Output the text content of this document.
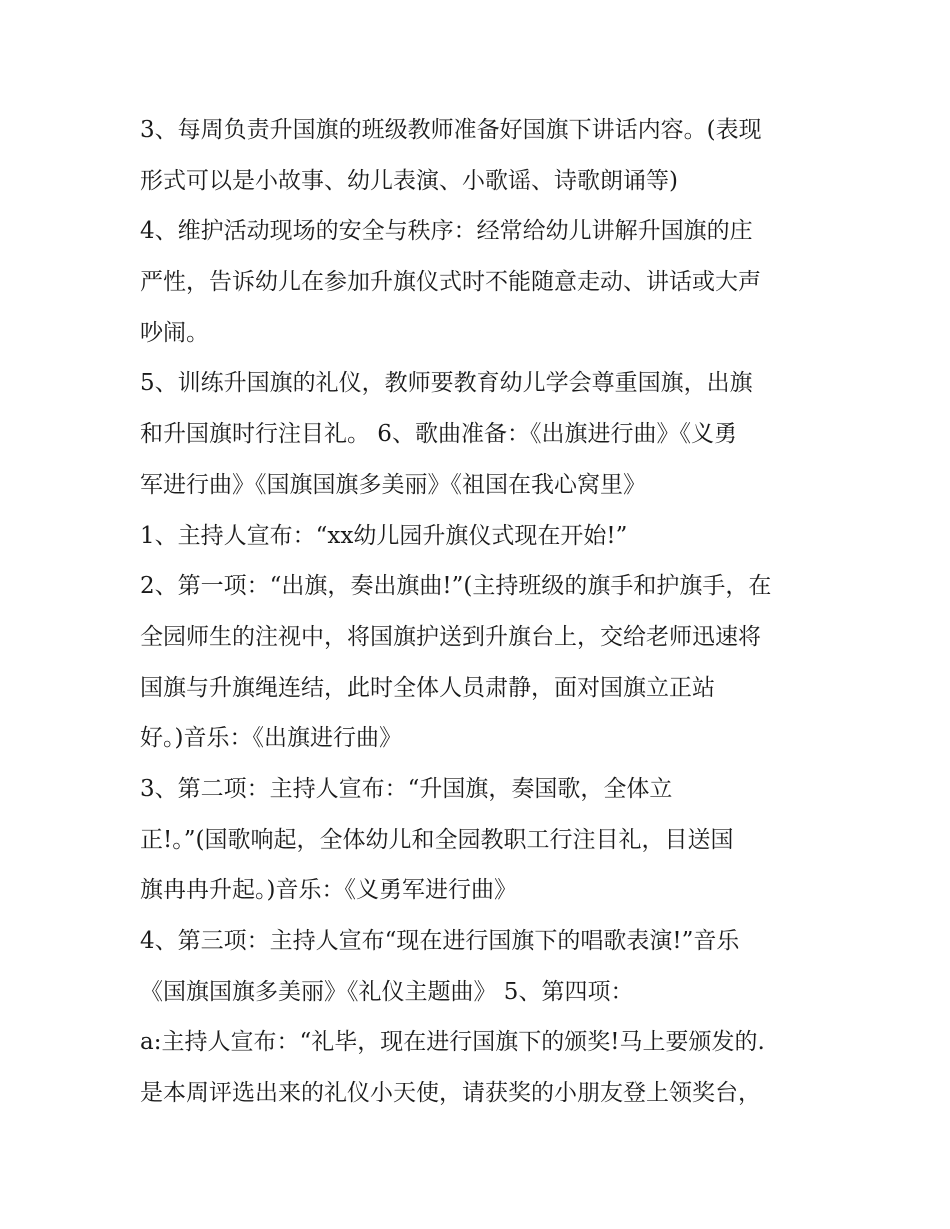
3、每周负责升国旗的班级教师准备好国旗下讲话内容。(表现
形式可以是小故事、幼儿表演、小歌谣、诗歌朗诵等)
4、维护活动现场的安全与秩序：经常给幼儿讲解升国旗的庄
严性，告诉幼儿在参加升旗仪式时不能随意走动、讲话或大声
吵闹。
5、训练升国旗的礼仪，教师要教育幼儿学会尊重国旗，出旗
和升国旗时行注目礼。 6、歌曲准备：《出旗进行曲》《义勇
军进行曲》《国旗国旗多美丽》《祖国在我心窝里》
1、主持人宣布：“xx幼儿园升旗仪式现在开始!”
2、第一项：“出旗，奏出旗曲!”(主持班级的旗手和护旗手，在
全园师生的注视中，将国旗护送到升旗台上，交给老师迅速将
国旗与升旗绳连结，此时全体人员肃静，面对国旗立正站
好。)音乐：《出旗进行曲》
3、第二项：主持人宣布：“升国旗，奏国歌，全体立
正!。”(国歌响起，全体幼儿和全园教职工行注目礼，目送国
旗冉冉升起。)音乐：《义勇军进行曲》
4、第三项：主持人宣布“现在进行国旗下的唱歌表演!”音乐
《国旗国旗多美丽》《礼仪主题曲》 5、第四项：
a:主持人宣布：“礼毕，现在进行国旗下的颁奖!马上要颁发的.
是本周评选出来的礼仪小天使，请获奖的小朋友登上领奖台，
